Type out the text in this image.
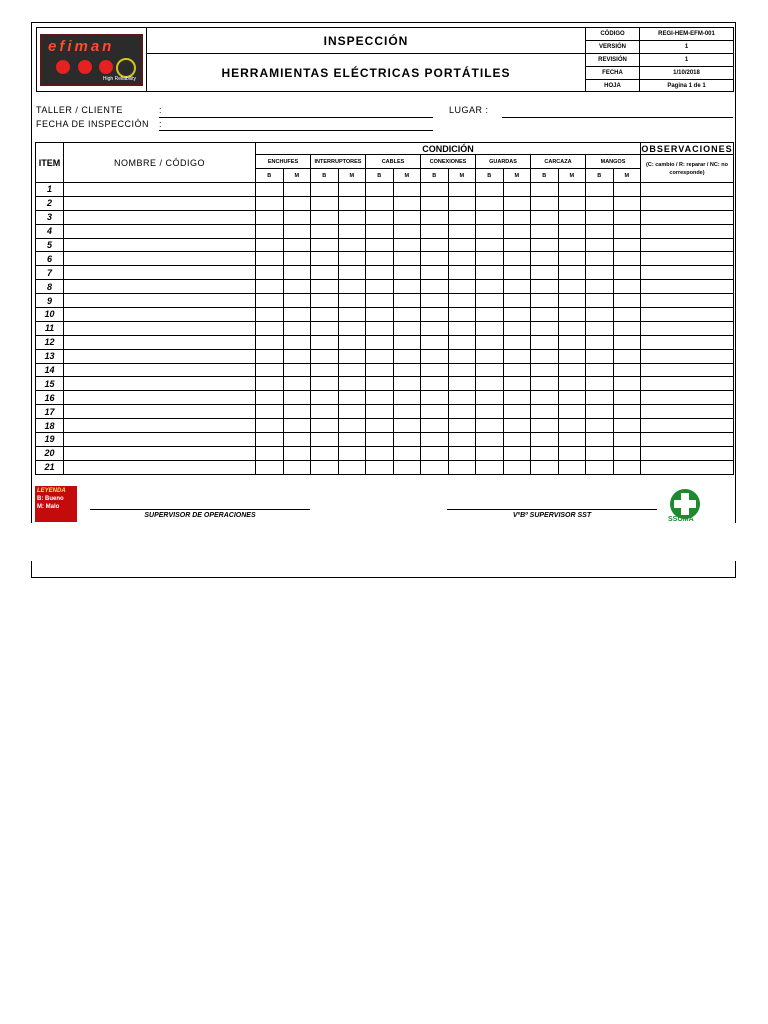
efiman
High Reliability	INSPECCIÓN	CÓDIGO	REGI-HEM-EFM-001
		VERSIÓN	1
	HERRAMIENTAS ELÉCTRICAS PORTÁTILES	REVISIÓN	1
		FECHA	1/10/2018
		HOJA	Pagina 1 de 1
TALLER / CLIENTE	:
FECHA DE INSPECCIÓN :
LUGAR :
ITEM	NOMBRE / CÓDIGO	CONDICIÓN														OBSERVACIONES
		ENCHUFES		INTERRUPTORES		CABLES		CONEXIONES		GUARDAS		CARCAZA		MANGOS		(C: cambio / R: reparar / NC: no corresponde)
		B	M	B	M	B	M	B	M	B	M	B	M	B	M	
1																
2																
3																
4																
5																
6																
7																
8																
9																
10																
11																
12																
13																
14																
15																
16																
17																
18																
19																
20																
21																
LEYENDA
B: Bueno
M: Malo
SUPERVISOR DE OPERACIONES	VºBº SUPERVISOR SST
SSOMA
